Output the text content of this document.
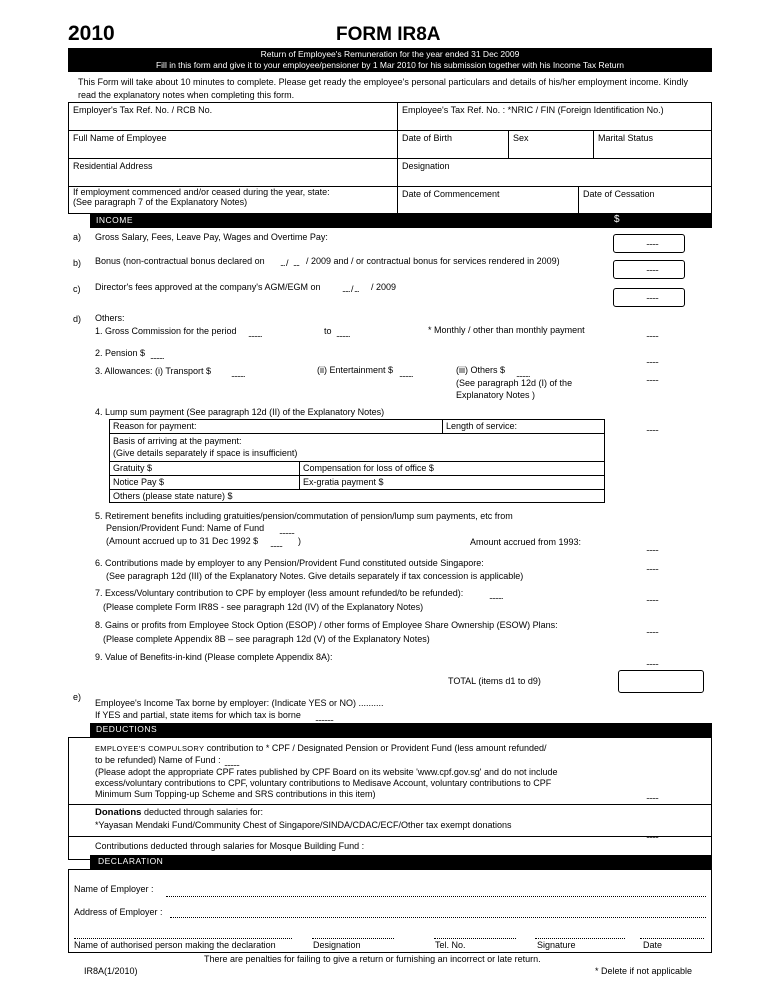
2010	FORM IR8A
Return of Employee's Remuneration for the year ended 31 Dec 2009
Fill in this form and give it to your employee/pensioner by 1 Mar 2010 for his submission together with his Income Tax Return
This Form will take about 10 minutes to complete. Please get ready the employee's personal particulars and details of his/her employment income. Kindly read the explanatory notes when completing this form.
Employer's Tax Ref. No. / RCB No.	Employee's Tax Ref. No. : *NRIC / FIN (Foreign Identification No.)
Full Name of Employee	Date of Birth	Sex	Marital Status
Residential Address	Designation
If employment commenced and/or ceased during the year, state:
(See paragraph 7 of the Explanatory Notes)
Date of Commencement	Date of Cessation
INCOME	$
a) Gross Salary, Fees, Leave Pay, Wages and Overtime Pay:	........
b) Bonus (non-contractual bonus declared on ... / .... / 2009 and / or contractual bonus for services rendered in 2009)
........
c) Director's fees approved at the company's AGM/EGM on ..... / ... / 2009
........
d) Others:
1. Gross Commission for the period .........	to .........	* Monthly / other than monthly payment	........
2. Pension $ .........	........
3. Allowances: (i) Transport $ .........	(ii) Entertainment $ .........	(iii) Others $ .........
(See paragraph 12d (I) of the
Explanatory Notes )
........
4. Lump sum payment (See paragraph 12d (II) of the Explanatory Notes)
Reason for payment:	Length of service:
Basis of arriving at the payment:
(Give details separately if space is insufficient)
Gratuity $	Compensation for loss of office $
Notice Pay $	Ex-gratia payment $
Others (please state nature) $
........
5. Retirement benefits including gratuities/pension/commutation of pension/lump sum payments, etc from
Pension/Provident Fund: Name of Fund ..........
(Amount accrued up to 31 Dec 1992 $ ........ )	Amount accrued from 1993:
........
6. Contributions made by employer to any Pension/Provident Fund constituted outside Singapore:
(See paragraph 12d (III) of the Explanatory Notes. Give details separately if tax concession is applicable)
........
7. Excess/Voluntary contribution to CPF by employer (less amount refunded/to be refunded):	.........
(Please complete Form IR8S - see paragraph 12d (IV) of the Explanatory Notes)
........
8. Gains or profits from Employee Stock Option (ESOP) / other forms of Employee Share Ownership (ESOW) Plans:
(Please complete Appendix 8B – see paragraph 12d (V) of the Explanatory Notes)
........
9. Value of Benefits-in-kind (Please complete Appendix 8A):	........
TOTAL (items d1 to d9)
e)
Employee's Income Tax borne by employer: (Indicate YES or NO) ..........
If YES and partial, state items for which tax is borne ............
DEDUCTIONS
EMPLOYEE'S COMPULSORY contribution to * CPF / Designated Pension or Provident Fund (less amount refunded/
to be refunded) Name of Fund : ..........
(Please adopt the appropriate CPF rates published by CPF Board on its website 'www.cpf.gov.sg' and do not include
excess/voluntary contributions to CPF, voluntary contributions to Medisave Account, voluntary contributions to CPF
Minimum Sum Topping-up Scheme and SRS contributions in this item)	........
Donations deducted through salaries for:
*Yayasan Mendaki Fund/Community Chest of Singapore/SINDA/CDAC/ECF/Other tax exempt donations
........
Contributions deducted through salaries for Mosque Building Fund :
DECLARATION
Name of Employer :
Address of Employer :
Name of authorised person making the declaration	Designation	Tel. No.	Signature	Date
There are penalties for failing to give a return or furnishing an incorrect or late return.
IR8A(1/2010)	* Delete if not applicable
